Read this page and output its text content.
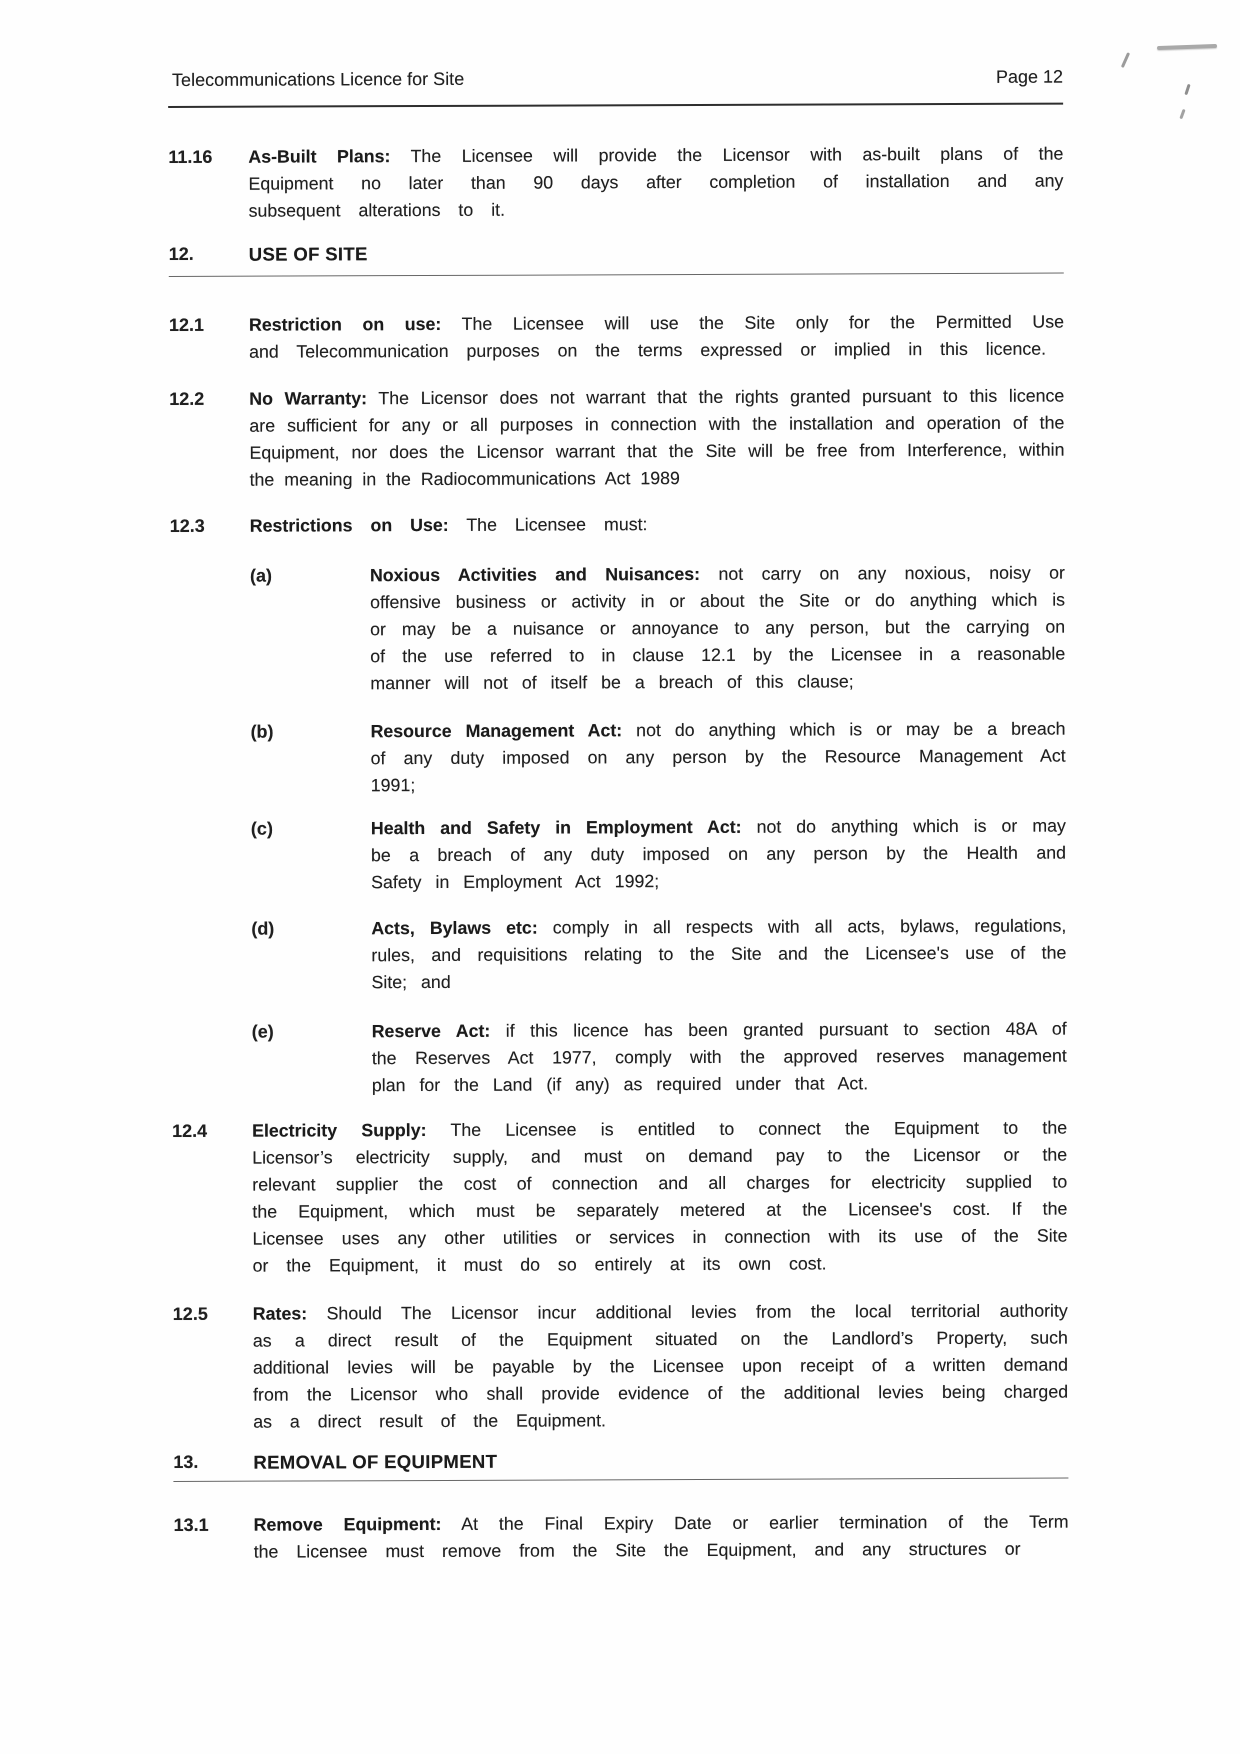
Telecommunications Licence for Site	Page 12
11.16	As-Built Plans: The Licensee will provide the Licensor with as-built plans of the Equipment no later than 90 days after completion of installation and any subsequent alterations to it.

12.	USE OF SITE
12.1	Restriction on use: The Licensee will use the Site only for the Permitted Use and Telecommunication purposes on the terms expressed or implied in this licence.

12.2	No Warranty: The Licensor does not warrant that the rights granted pursuant to this licence are sufficient for any or all purposes in connection with the installation and operation of the Equipment, nor does the Licensor warrant that the Site will be free from Interference, within the meaning in the Radiocommunications Act 1989

12.3	Restrictions on Use: The Licensee must:

(a)	Noxious Activities and Nuisances: not carry on any noxious, noisy or offensive business or activity in or about the Site or do anything which is or may be a nuisance or annoyance to any person, but the carrying on of the use referred to in clause 12.1 by the Licensee in a reasonable manner will not of itself be a breach of this clause;

(b)	Resource Management Act: not do anything which is or may be a breach of any duty imposed on any person by the Resource Management Act 1991;

(c)	Health and Safety in Employment Act: not do anything which is or may be a breach of any duty imposed on any person by the Health and Safety in Employment Act 1992;

(d)	Acts, Bylaws etc: comply in all respects with all acts, bylaws, regulations, rules, and requisitions relating to the Site and the Licensee's use of the Site; and

(e)	Reserve Act: if this licence has been granted pursuant to section 48A of the Reserves Act 1977, comply with the approved reserves management plan for the Land (if any) as required under that Act.

12.4	Electricity Supply: The Licensee is entitled to connect the Equipment to the Licensor’s electricity supply, and must on demand pay to the Licensor or the relevant supplier the cost of connection and all charges for electricity supplied to the Equipment, which must be separately metered at the Licensee's cost. If the Licensee uses any other utilities or services in connection with its use of the Site or the Equipment, it must do so entirely at its own cost.

12.5	Rates: Should The Licensor incur additional levies from the local territorial authority as a direct result of the Equipment situated on the Landlord’s Property, such additional levies will be payable by the Licensee upon receipt of a written demand from the Licensor who shall provide evidence of the additional levies being charged as a direct result of the Equipment.

13.	REMOVAL OF EQUIPMENT
13.1	Remove Equipment: At the Final Expiry Date or earlier termination of the Term the Licensee must remove from the Site the Equipment, and any structures or
